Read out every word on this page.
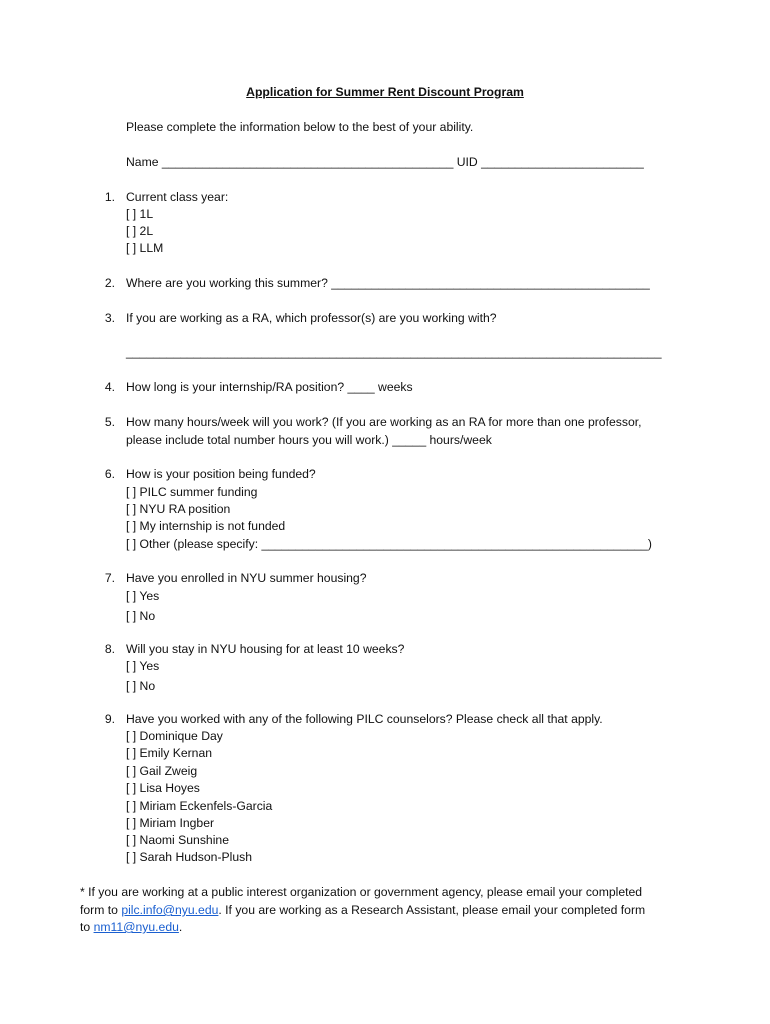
Application for Summer Rent Discount Program
Please complete the information below to the best of your ability.
Name ___________________________________________ UID ________________________
1. Current class year:
[ ] 1L
[ ] 2L
[ ] LLM
2. Where are you working this summer? _______________________________________________
3. If you are working as a RA, which professor(s) are you working with?
_______________________________________________________________________________
4. How long is your internship/RA position? ____ weeks
5. How many hours/week will you work? (If you are working as an RA for more than one professor,
please include total number hours you will work.) _____ hours/week
6. How is your position being funded?
[ ] PILC summer funding
[ ] NYU RA position
[ ] My internship is not funded
[ ] Other (please specify: _________________________________________________________)
7. Have you enrolled in NYU summer housing?
[ ] Yes
[ ] No
8. Will you stay in NYU housing for at least 10 weeks?
[ ] Yes
[ ] No
9. Have you worked with any of the following PILC counselors? Please check all that apply.
[ ] Dominique Day
[ ] Emily Kernan
[ ] Gail Zweig
[ ] Lisa Hoyes
[ ] Miriam Eckenfels-Garcia
[ ] Miriam Ingber
[ ] Naomi Sunshine
[ ] Sarah Hudson-Plush
* If you are working at a public interest organization or government agency, please email your completed
form to pilc.info@nyu.edu. If you are working as a Research Assistant, please email your completed form
to nm11@nyu.edu.
